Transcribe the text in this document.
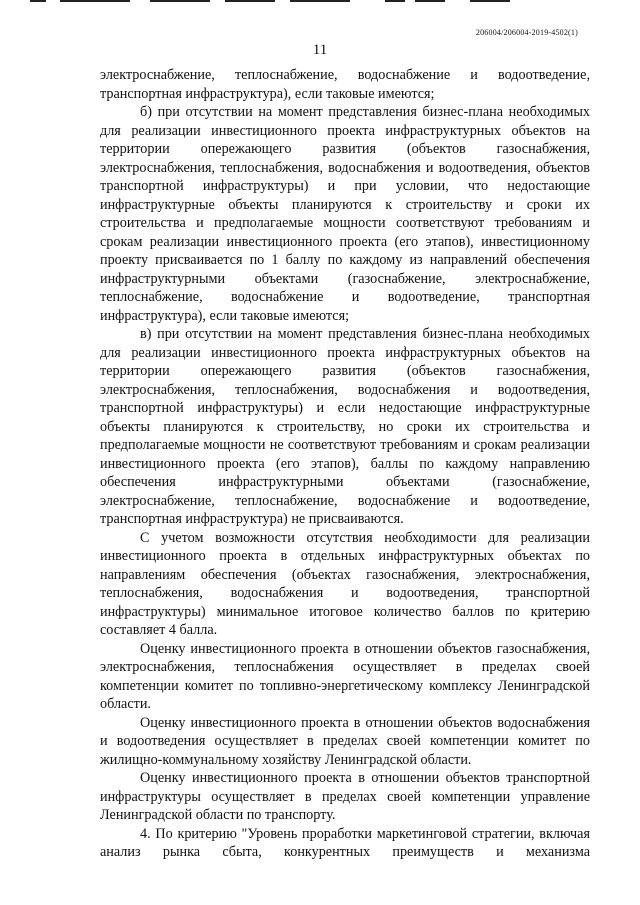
206004/206004-2019-4502(1)
11

электроснабжение, теплоснабжение, водоснабжение и водоотведение, транспортная инфраструктура), если таковые имеются;

б) при отсутствии на момент представления бизнес-плана необходимых для реализации инвестиционного проекта инфраструктурных объектов на территории опережающего развития (объектов газоснабжения, электроснабжения, теплоснабжения, водоснабжения и водоотведения, объектов транспортной инфраструктуры) и при условии, что недостающие инфраструктурные объекты планируются к строительству и сроки их строительства и предполагаемые мощности соответствуют требованиям и срокам реализации инвестиционного проекта (его этапов), инвестиционному проекту присваивается по 1 баллу по каждому из направлений обеспечения инфраструктурными объектами (газоснабжение, электроснабжение, теплоснабжение, водоснабжение и водоотведение, транспортная инфраструктура), если таковые имеются;

в) при отсутствии на момент представления бизнес-плана необходимых для реализации инвестиционного проекта инфраструктурных объектов на территории опережающего развития (объектов газоснабжения, электроснабжения, теплоснабжения, водоснабжения и водоотведения, транспортной инфраструктуры) и если недостающие инфраструктурные объекты планируются к строительству, но сроки их строительства и предполагаемые мощности не соответствуют требованиям и срокам реализации инвестиционного проекта (его этапов), баллы по каждому направлению обеспечения инфраструктурными объектами (газоснабжение, электроснабжение, теплоснабжение, водоснабжение и водоотведение, транспортная инфраструктура) не присваиваются.

С учетом возможности отсутствия необходимости для реализации инвестиционного проекта в отдельных инфраструктурных объектах по направлениям обеспечения (объектах газоснабжения, электроснабжения, теплоснабжения, водоснабжения и водоотведения, транспортной инфраструктуры) минимальное итоговое количество баллов по критерию составляет 4 балла.

Оценку инвестиционного проекта в отношении объектов газоснабжения, электроснабжения, теплоснабжения осуществляет в пределах своей компетенции комитет по топливно-энергетическому комплексу Ленинградской области.

Оценку инвестиционного проекта в отношении объектов водоснабжения и водоотведения осуществляет в пределах своей компетенции комитет по жилищно-коммунальному хозяйству Ленинградской области.

Оценку инвестиционного проекта в отношении объектов транспортной инфраструктуры осуществляет в пределах своей компетенции управление Ленинградской области по транспорту.

4. По критерию "Уровень проработки маркетинговой стратегии, включая анализ рынка сбыта, конкурентных преимуществ и механизма
